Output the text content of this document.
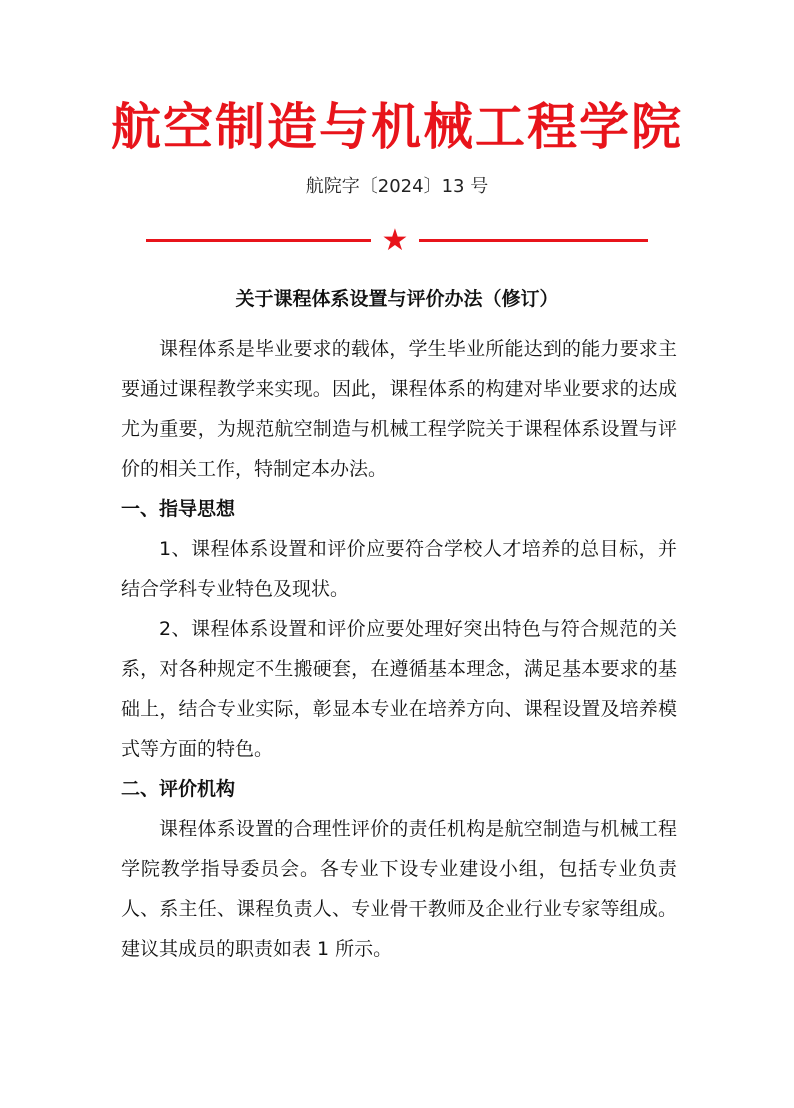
航空制造与机械工程学院
航院字〔2024〕13 号
★
关于课程体系设置与评价办法（修订）

课程体系是毕业要求的载体，学生毕业所能达到的能力要求主要通过课程教学来实现。因此，课程体系的构建对毕业要求的达成尤为重要，为规范航空制造与机械工程学院关于课程体系设置与评价的相关工作，特制定本办法。

一、指导思想

1、课程体系设置和评价应要符合学校人才培养的总目标，并结合学科专业特色及现状。

2、课程体系设置和评价应要处理好突出特色与符合规范的关系，对各种规定不生搬硬套，在遵循基本理念，满足基本要求的基础上，结合专业实际，彰显本专业在培养方向、课程设置及培养模式等方面的特色。

二、评价机构

课程体系设置的合理性评价的责任机构是航空制造与机械工程学院教学指导委员会。各专业下设专业建设小组，包括专业负责人、系主任、课程负责人、专业骨干教师及企业行业专家等组成。建议其成员的职责如表 1 所示。
